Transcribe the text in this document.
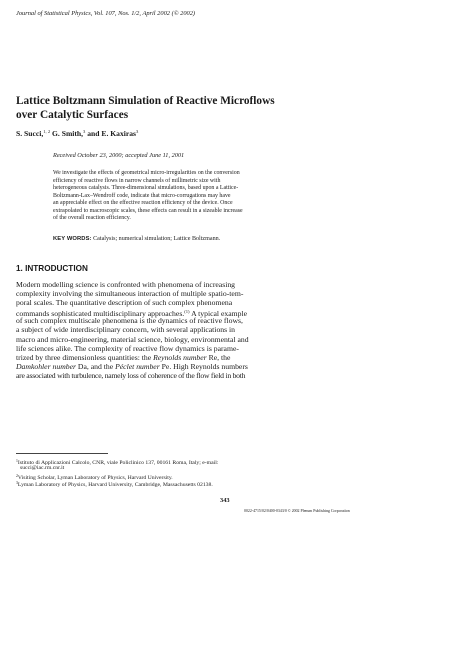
Journal of Statistical Physics, Vol. 107, Nos. 1/2, April 2002 (© 2002)
Lattice Boltzmann Simulation of Reactive Microflows
over Catalytic Surfaces
S. Succi,$^{1, 2}$ G. Smith,$^3$ and E. Kaxiras$^3$
Received October 23, 2000; accepted June 11, 2001
We investigate the effects of geometrical micro-irregularities on the conversion
efficiency of reactive flows in narrow channels of millimetric size with
heterogeneous catalysis. Three-dimensional simulations, based upon a Lattice-
Boltzmann-Lax–Wendroff code, indicate that micro-corrugations may have
an appreciable effect on the effective reaction efficiency of the device. Once
extrapolated to macroscopic scales, these effects can result in a sizeable increase
of the overall reaction efficiency.
KEY WORDS: Catalysis; numerical simulation; Lattice Boltzmann.
1. INTRODUCTION
Modern modelling science is confronted with phenomena of increasing
complexity involving the simultaneous interaction of multiple spatio-tem-
poral scales. The quantitative description of such complex phenomena
commands sophisticated multidisciplinary approaches.$^{(1)}$ A typical example
of such complex multiscale phenomena is the dynamics of reactive flows,
a subject of wide interdisciplinary concern, with several applications in
macro and micro-engineering, material science, biology, environmental and
life sciences alike. The complexity of reactive flow dynamics is parame-
trized by three dimensionless quantities: the Reynolds number Re, the
Damkohler number Da, and the Péclet number Pe. High Reynolds numbers
are associated with turbulence, namely loss of coherence of the flow field in both
$^1$Istituto di Applicazioni Calcolo, CNR, viale Policlinico 137, 00161 Roma, Italy; e-mail:
succi@iac.rm.cnr.it
$^2$Visiting Scholar, Lyman Laboratory of Physics, Harvard University.
$^3$Lyman Laboratory of Physics, Harvard University, Cambridge, Massachusetts 02138.
343
0022-4715/02/0400-0343/0 © 2002 Plenum Publishing Corporation
